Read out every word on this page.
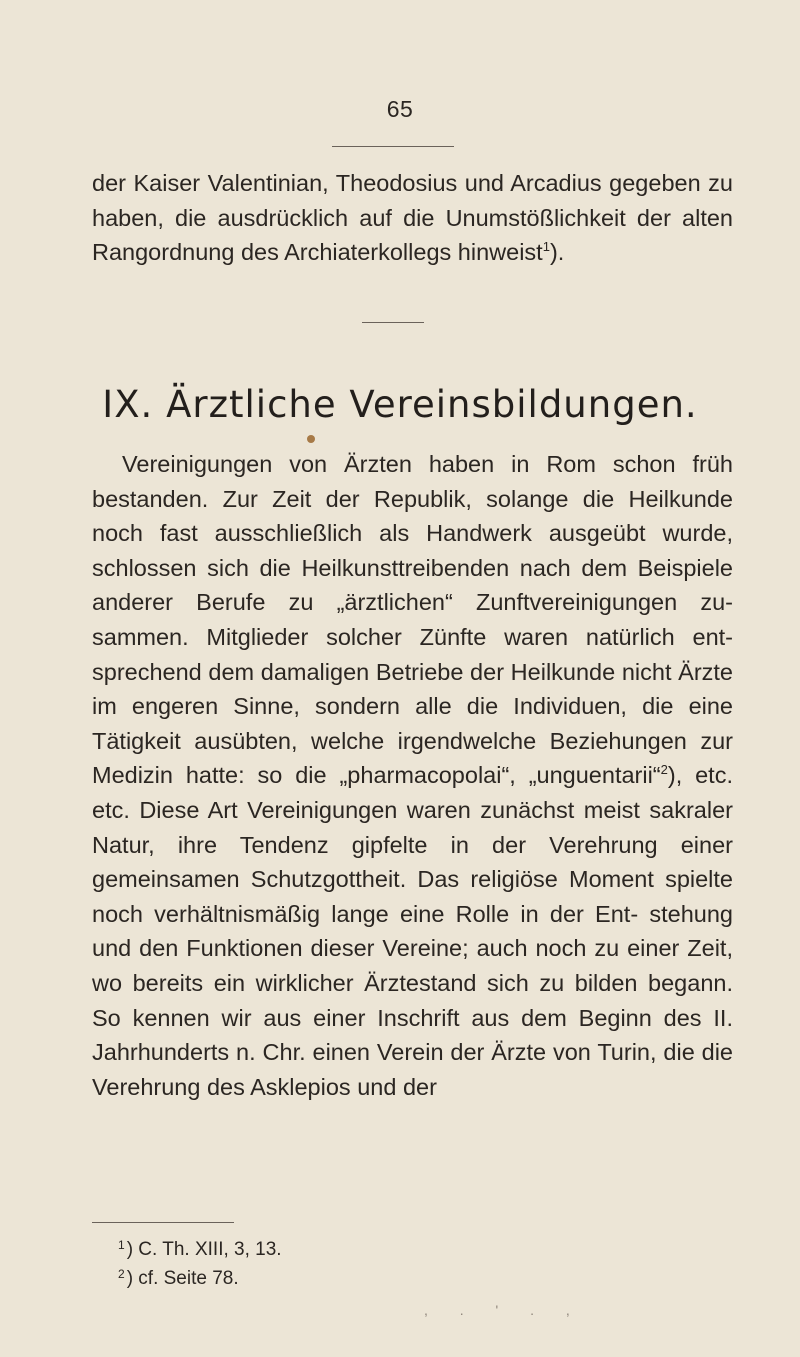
65

der Kaiser Valentinian, Theodosius und Arcadius gegeben zu haben, die ausdrücklich auf die Unumstößlichkeit der alten Rangordnung des Archiaterkollegs hinweist$^1$).

IX. Ärztliche Vereinsbildungen.

Vereinigungen von Ärzten haben in Rom schon früh bestanden. Zur Zeit der Republik, solange die Heilkunde noch fast ausschließlich als Handwerk ausgeübt wurde, schlossen sich die Heilkunsttreibenden nach dem Beispiele anderer Berufe zu „ärztlichen“ Zunftvereinigungen zu- sammen. Mitglieder solcher Zünfte waren natürlich ent- sprechend dem damaligen Betriebe der Heilkunde nicht Ärzte im engeren Sinne, sondern alle die Individuen, die eine Tätigkeit ausübten, welche irgendwelche Beziehungen zur Medizin hatte: so die „pharmacopolai“, „unguentarii“$^2$), etc. etc. Diese Art Vereinigungen waren zunächst meist sakraler Natur, ihre Tendenz gipfelte in der Verehrung einer gemeinsamen Schutzgottheit. Das religiöse Moment spielte noch verhältnismäßig lange eine Rolle in der Ent- stehung und den Funktionen dieser Vereine; auch noch zu einer Zeit, wo bereits ein wirklicher Ärztestand sich zu bilden begann. So kennen wir aus einer Inschrift aus dem Beginn des II. Jahrhunderts n. Chr. einen Verein der Ärzte von Turin, die die Verehrung des Asklepios und der

$^1$ ) C. Th. XIII, 3, 13.
$^2$ ) cf. Seite 78.
, . ' . ,
